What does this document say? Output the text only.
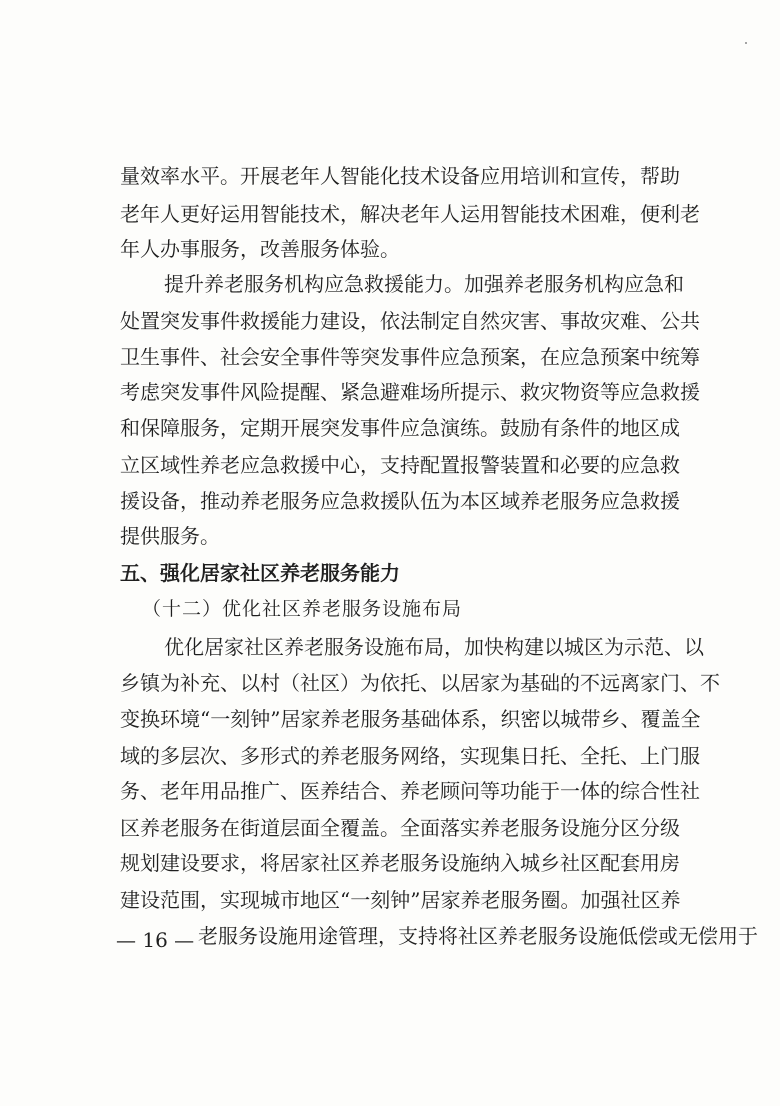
量效率水平。开展老年人智能化技术设备应用培训和宣传，帮助
老年人更好运用智能技术，解决老年人运用智能技术困难，便利老
年人办事服务，改善服务体验。
提升养老服务机构应急救援能力。加强养老服务机构应急和
处置突发事件救援能力建设，依法制定自然灾害、事故灾难、公共
卫生事件、社会安全事件等突发事件应急预案，在应急预案中统筹
考虑突发事件风险提醒、紧急避难场所提示、救灾物资等应急救援
和保障服务，定期开展突发事件应急演练。鼓励有条件的地区成
立区域性养老应急救援中心，支持配置报警装置和必要的应急救
援设备，推动养老服务应急救援队伍为本区域养老服务应急救援
提供服务。
五、强化居家社区养老服务能力
（十二）优化社区养老服务设施布局
优化居家社区养老服务设施布局，加快构建以城区为示范、以
乡镇为补充、以村（社区）为依托、以居家为基础的不远离家门、不
变换环境“一刻钟”居家养老服务基础体系，织密以城带乡、覆盖全
域的多层次、多形式的养老服务网络，实现集日托、全托、上门服
务、老年用品推广、医养结合、养老顾问等功能于一体的综合性社
区养老服务在街道层面全覆盖。全面落实养老服务设施分区分级
规划建设要求，将居家社区养老服务设施纳入城乡社区配套用房
建设范围，实现城市地区“一刻钟”居家养老服务圈。加强社区养
老服务设施用途管理，支持将社区养老服务设施低偿或无偿用于
— 16 —
